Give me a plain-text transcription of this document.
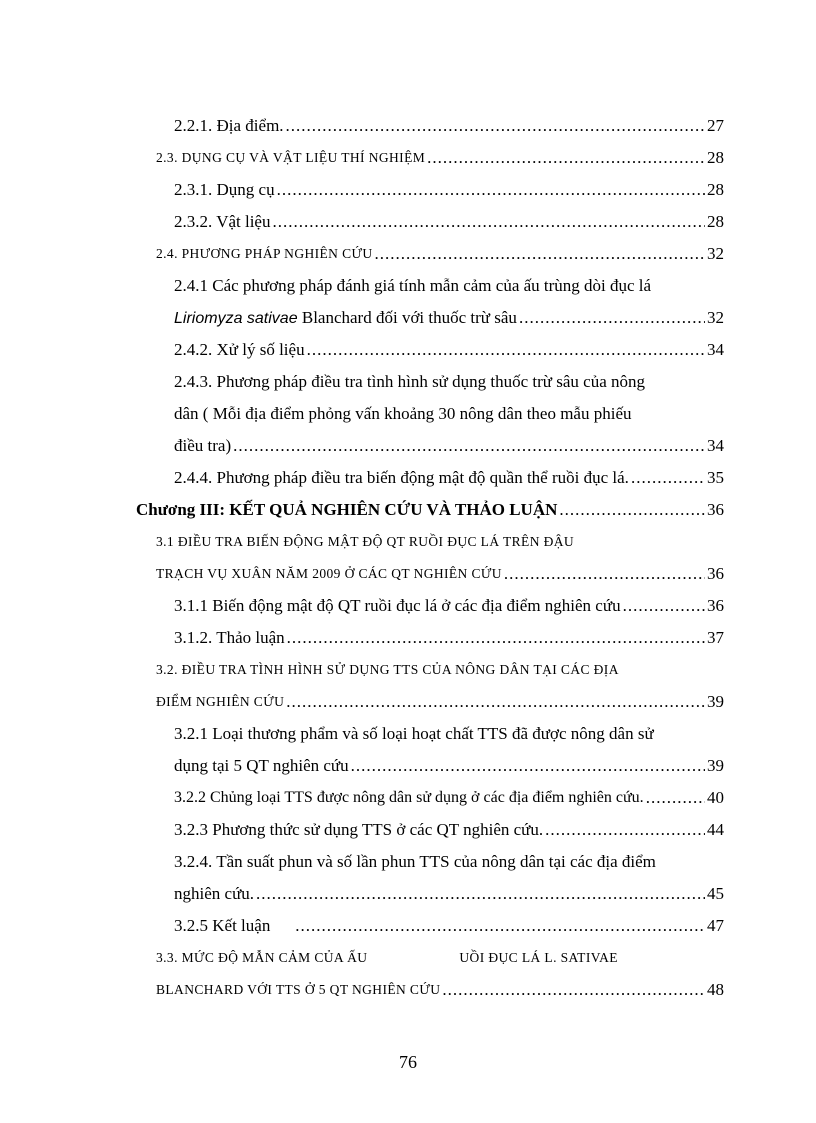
2.2.1. Địa điểm. .....	27
2.3. DỤNG CỤ VÀ VẬT LIỆU THÍ NGHIỆM .....	28
2.3.1. Dụng cụ .....	28
2.3.2. Vật liệu .....	28
2.4. PHƯƠNG PHÁP NGHIÊN CỨU .....	32
2.4.1 Các phương pháp đánh giá tính mẫn cảm của ấu trùng dòi đục lá
Liriomyza sativae Blanchard đối với thuốc trừ sâu .....	32
2.4.2. Xử lý số liệu .....	34
2.4.3. Phương pháp điều tra tình hình sử dụng thuốc trừ sâu của nông
dân ( Mỗi địa điểm phỏng vấn khoảng 30 nông dân theo mẫu phiếu
điều tra) .....	34
2.4.4. Phương pháp điều tra biến động mật độ quần thể ruồi đục lá. .....	35
Chương III: KẾT QUẢ NGHIÊN CỨU VÀ THẢO LUẬN .....	36
3.1 ĐIỀU TRA BIẾN ĐỘNG MẬT ĐỘ QT RUỒI ĐỤC LÁ TRÊN ĐẬU
TRẠCH VỤ XUÂN NĂM 2009 Ở CÁC QT NGHIÊN CỨU .....	36
3.1.1 Biến động mật độ QT ruồi đục lá ở các địa điểm nghiên cứu .....	36
3.1.2. Thảo luận .....	37
3.2. ĐIỀU TRA TÌNH HÌNH SỬ DỤNG TTS CỦA NÔNG DÂN TẠI CÁC ĐỊA
ĐIỂM NGHIÊN CỨU .....	39
3.2.1 Loại thương phẩm và số loại hoạt chất TTS đã được nông dân sử
dụng tại 5 QT nghiên cứu .....	39
3.2.2 Chủng loại TTS được nông dân sử dụng ở các địa điểm nghiên cứu. .....	40
3.2.3 Phương thức sử dụng TTS ở các QT nghiên cứu. .....	44
3.2.4. Tần suất phun và số lần phun TTS của nông dân tại các địa điểm
nghiên cứu. .....	45
3.2.5 Kết luận .....	47
3.3. MỨC ĐỘ MẪN CẢM CỦA ẤU	UỒI ĐỤC LÁ L. SATIVAE
BLANCHARD VỚI TTS Ở 5 QT NGHIÊN CỨU .....	48
76
